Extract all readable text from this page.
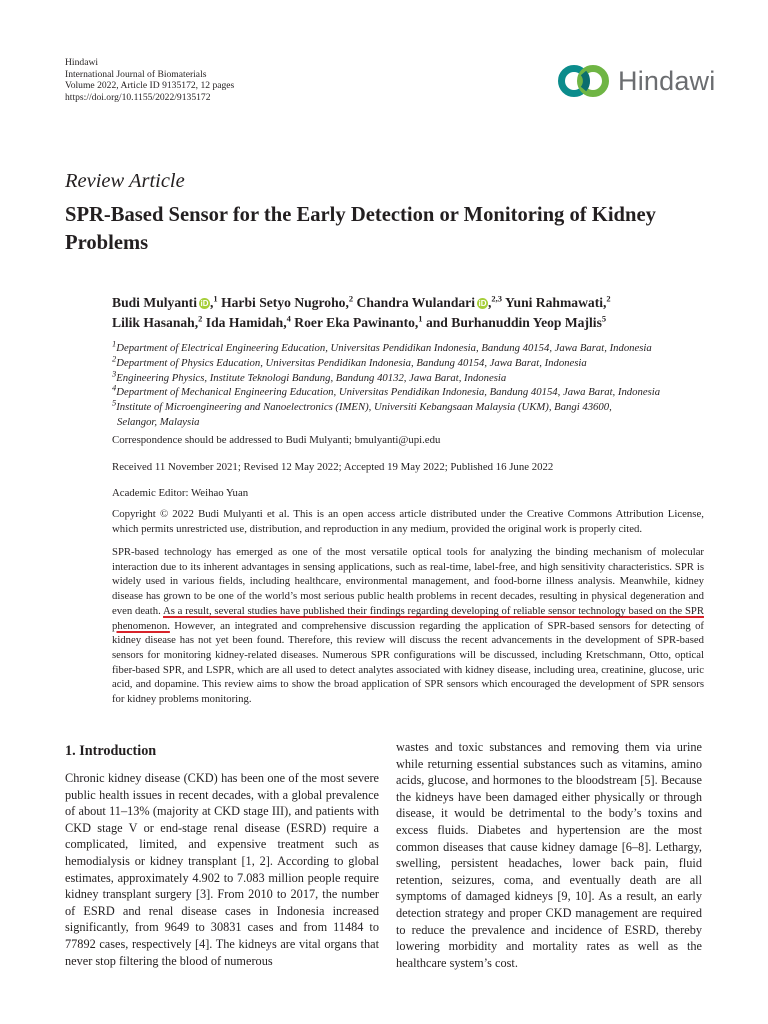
Hindawi
International Journal of Biomaterials
Volume 2022, Article ID 9135172, 12 pages
https://doi.org/10.1155/2022/9135172
Hindawi
Review Article
SPR-Based Sensor for the Early Detection or Monitoring of Kidney Problems
Budi Mulyanti iD ,$^1$ Harbi Setyo Nugroho,$^2$ Chandra Wulandari iD ,$^{2,3}$ Yuni Rahmawati,$^2$
Lilik Hasanah,$^2$ Ida Hamidah,$^4$ Roer Eka Pawinanto,$^1$ and Burhanuddin Yeop Majlis$^5$
$^1$Department of Electrical Engineering Education, Universitas Pendidikan Indonesia, Bandung 40154, Jawa Barat, Indonesia
$^2$Department of Physics Education, Universitas Pendidikan Indonesia, Bandung 40154, Jawa Barat, Indonesia
$^3$Engineering Physics, Institute Teknologi Bandung, Bandung 40132, Jawa Barat, Indonesia
$^4$Department of Mechanical Engineering Education, Universitas Pendidikan Indonesia, Bandung 40154, Jawa Barat, Indonesia
$^5$Institute of Microengineering and Nanoelectronics (IMEN), Universiti Kebangsaan Malaysia (UKM), Bangi 43600,
Selangor, Malaysia
Correspondence should be addressed to Budi Mulyanti; bmulyanti@upi.edu
Received 11 November 2021; Revised 12 May 2022; Accepted 19 May 2022; Published 16 June 2022
Academic Editor: Weihao Yuan
Copyright © 2022 Budi Mulyanti et al. This is an open access article distributed under the Creative Commons Attribution License, which permits unrestricted use, distribution, and reproduction in any medium, provided the original work is properly cited.
SPR-based technology has emerged as one of the most versatile optical tools for analyzing the binding mechanism of molecular interaction due to its inherent advantages in sensing applications, such as real-time, label-free, and high sensitivity characteristics. SPR is widely used in various fields, including healthcare, environmental management, and food-borne illness analysis. Meanwhile, kidney disease has grown to be one of the world’s most serious public health problems in recent decades, resulting in physical degeneration and even death. As a result, several studies have published their findings regarding developing of reliable sensor technology based on the SPR phenomenon. However, an integrated and comprehensive discussion regarding the application of SPR-based sensors for detecting of kidney disease has not yet been found. Therefore, this review will discuss the recent advancements in the development of SPR-based sensors for monitoring kidney-related diseases. Numerous SPR configurations will be discussed, including Kretschmann, Otto, optical fiber-based SPR, and LSPR, which are all used to detect analytes associated with kidney disease, including urea, creatinine, glucose, uric acid, and dopamine. This review aims to show the broad application of SPR sensors which encouraged the development of SPR sensors for kidney problems monitoring.
1. Introduction
Chronic kidney disease (CKD) has been one of the most severe public health issues in recent decades, with a global prevalence of about 11–13% (majority at CKD stage III), and patients with CKD stage V or end-stage renal disease (ESRD) require a complicated, limited, and expensive treatment such as hemodialysis or kidney transplant [1, 2]. According to global estimates, approximately 4.902 to 7.083 million people require kidney transplant surgery [3]. From 2010 to 2017, the number of ESRD and renal disease cases in Indonesia increased significantly, from 9649 to 30831 cases and from 11484 to 77892 cases, respectively [4]. The kidneys are vital organs that never stop filtering the blood of numerous
wastes and toxic substances and removing them via urine while returning essential substances such as vitamins, amino acids, glucose, and hormones to the bloodstream [5]. Because the kidneys have been damaged either physically or through disease, it would be detrimental to the body’s toxins and excess fluids. Diabetes and hypertension are the most common diseases that cause kidney damage [6–8]. Lethargy, swelling, persistent headaches, lower back pain, fluid retention, seizures, coma, and eventually death are all symptoms of damaged kidneys [9, 10]. As a result, an early detection strategy and proper CKD management are required to reduce the prevalence and incidence of ESRD, thereby lowering morbidity and mortality rates as well as the healthcare system’s cost.
